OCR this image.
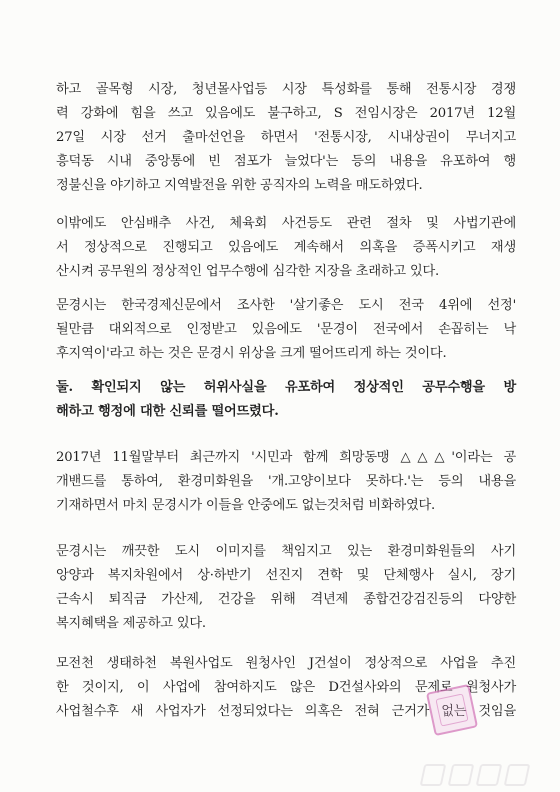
하고 골목형 시장, 청년몰사업등 시장 특성화를 통해 전통시장 경쟁
력 강화에 힘을 쓰고 있음에도 불구하고, S 전임시장은 2017년 12월
27일 시장 선거 출마선언을 하면서 '전통시장, 시내상권이 무너지고
흥덕동 시내 중앙통에 빈 점포가 늘었다'는 등의 내용을 유포하여 행
정불신을 야기하고 지역발전을 위한 공직자의 노력을 매도하였다.
이밖에도 안심배추 사건, 체육회 사건등도 관련 절차 및 사법기관에
서 정상적으로 진행되고 있음에도 계속해서 의혹을 증폭시키고 재생
산시켜 공무원의 정상적인 업무수행에 심각한 지장을 초래하고 있다.
문경시는 한국경제신문에서 조사한 '살기좋은 도시 전국 4위에 선정'
될만큼 대외적으로 인정받고 있음에도 '문경이 전국에서 손꼽히는 낙
후지역이'라고 하는 것은 문경시 위상을 크게 떨어뜨리게 하는 것이다.
둘. 확인되지 않는 허위사실을 유포하여 정상적인 공무수행을 방
해하고 행정에 대한 신뢰를 떨어뜨렸다.
2017년 11월말부터 최근까지 '시민과 함께 희망동맹 △△△'이라는 공
개밴드를 통하여, 환경미화원을 '개.고양이보다 못하다.'는 등의 내용을
기재하면서 마치 문경시가 이들을 안중에도 없는것처럼 비화하였다.
문경시는 깨끗한 도시 이미지를 책임지고 있는 환경미화원들의 사기
앙양과 복지차원에서 상·하반기 선진지 견학 및 단체행사 실시, 장기
근속시 퇴직금 가산제, 건강을 위해 격년제 종합건강검진등의 다양한
복지혜택을 제공하고 있다.
모전천 생태하천 복원사업도 원청사인 J건설이 정상적으로 사업을 추진
한 것이지, 이 사업에 참여하지도 않은 D건설사와의 문제로 원청사가
사업철수후 새 사업자가 선정되었다는 의혹은 전혀 근거가 없는 것임을
